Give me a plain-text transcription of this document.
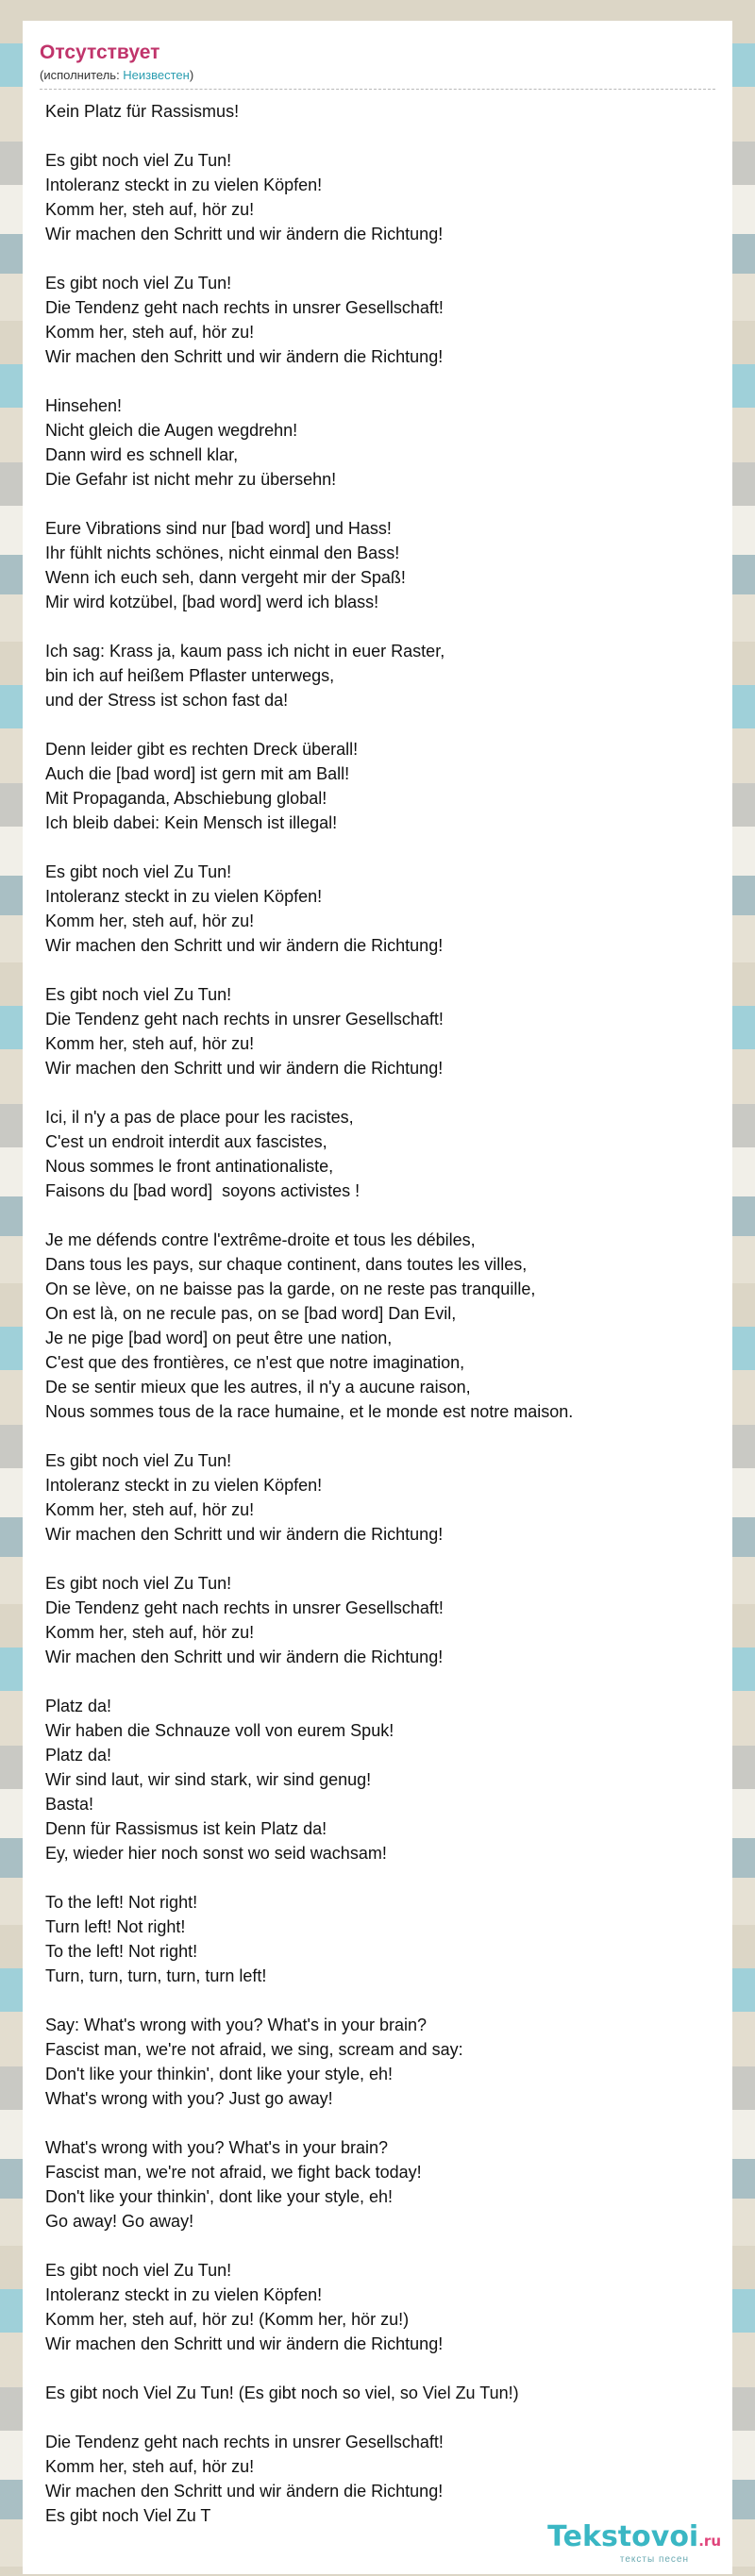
Отсутствует
(исполнитель: Неизвестен)
Kein Platz für Rassismus!
Es gibt noch viel Zu Tun!
Intoleranz steckt in zu vielen Köpfen!
Komm her, steh auf, hör zu!
Wir machen den Schritt und wir ändern die Richtung!
Es gibt noch viel Zu Tun!
Die Tendenz geht nach rechts in unsrer Gesellschaft!
Komm her, steh auf, hör zu!
Wir machen den Schritt und wir ändern die Richtung!
Hinsehen!
Nicht gleich die Augen wegdrehn!
Dann wird es schnell klar,
Die Gefahr ist nicht mehr zu übersehn!
Eure Vibrations sind nur [bad word] und Hass!
Ihr fühlt nichts schönes, nicht einmal den Bass!
Wenn ich euch seh, dann vergeht mir der Spaß!
Mir wird kotzübel, [bad word] werd ich blass!
Ich sag: Krass ja, kaum pass ich nicht in euer Raster,
bin ich auf heißem Pflaster unterwegs,
und der Stress ist schon fast da!
Denn leider gibt es rechten Dreck überall!
Auch die [bad word] ist gern mit am Ball!
Mit Propaganda, Abschiebung global!
Ich bleib dabei: Kein Mensch ist illegal!
Es gibt noch viel Zu Tun!
Intoleranz steckt in zu vielen Köpfen!
Komm her, steh auf, hör zu!
Wir machen den Schritt und wir ändern die Richtung!
Es gibt noch viel Zu Tun!
Die Tendenz geht nach rechts in unsrer Gesellschaft!
Komm her, steh auf, hör zu!
Wir machen den Schritt und wir ändern die Richtung!
Ici, il n'y a pas de place pour les racistes,
C'est un endroit interdit aux fascistes,
Nous sommes le front antinationaliste,
Faisons du [bad word]  soyons activistes !
Je me défends contre l'extrême-droite et tous les débiles,
Dans tous les pays, sur chaque continent, dans toutes les villes,
On se lève, on ne baisse pas la garde, on ne reste pas tranquille,
On est là, on ne recule pas, on se [bad word] Dan Evil,
Je ne pige [bad word] on peut être une nation,
C'est que des frontières, ce n'est que notre imagination,
De se sentir mieux que les autres, il n'y a aucune raison,
Nous sommes tous de la race humaine, et le monde est notre maison.
Es gibt noch viel Zu Tun!
Intoleranz steckt in zu vielen Köpfen!
Komm her, steh auf, hör zu!
Wir machen den Schritt und wir ändern die Richtung!
Es gibt noch viel Zu Tun!
Die Tendenz geht nach rechts in unsrer Gesellschaft!
Komm her, steh auf, hör zu!
Wir machen den Schritt und wir ändern die Richtung!
Platz da!
Wir haben die Schnauze voll von eurem Spuk!
Platz da!
Wir sind laut, wir sind stark, wir sind genug!
Basta!
Denn für Rassismus ist kein Platz da!
Ey, wieder hier noch sonst wo seid wachsam!
To the left! Not right!
Turn left! Not right!
To the left! Not right!
Turn, turn, turn, turn, turn left!
Say: What's wrong with you? What's in your brain?
Fascist man, we're not afraid, we sing, scream and say:
Don't like your thinkin', dont like your style, eh!
What's wrong with you? Just go away!
What's wrong with you? What's in your brain?
Fascist man, we're not afraid, we fight back today!
Don't like your thinkin', dont like your style, eh!
Go away! Go away!
Es gibt noch viel Zu Tun!
Intoleranz steckt in zu vielen Köpfen!
Komm her, steh auf, hör zu! (Komm her, hör zu!)
Wir machen den Schritt und wir ändern die Richtung!
Es gibt noch Viel Zu Tun! (Es gibt noch so viel, so Viel Zu Tun!)
Die Tendenz geht nach rechts in unsrer Gesellschaft!
Komm her, steh auf, hör zu!
Wir machen den Schritt und wir ändern die Richtung!
Es gibt noch Viel Zu T
Tekstovoi.ru
тексты песен
